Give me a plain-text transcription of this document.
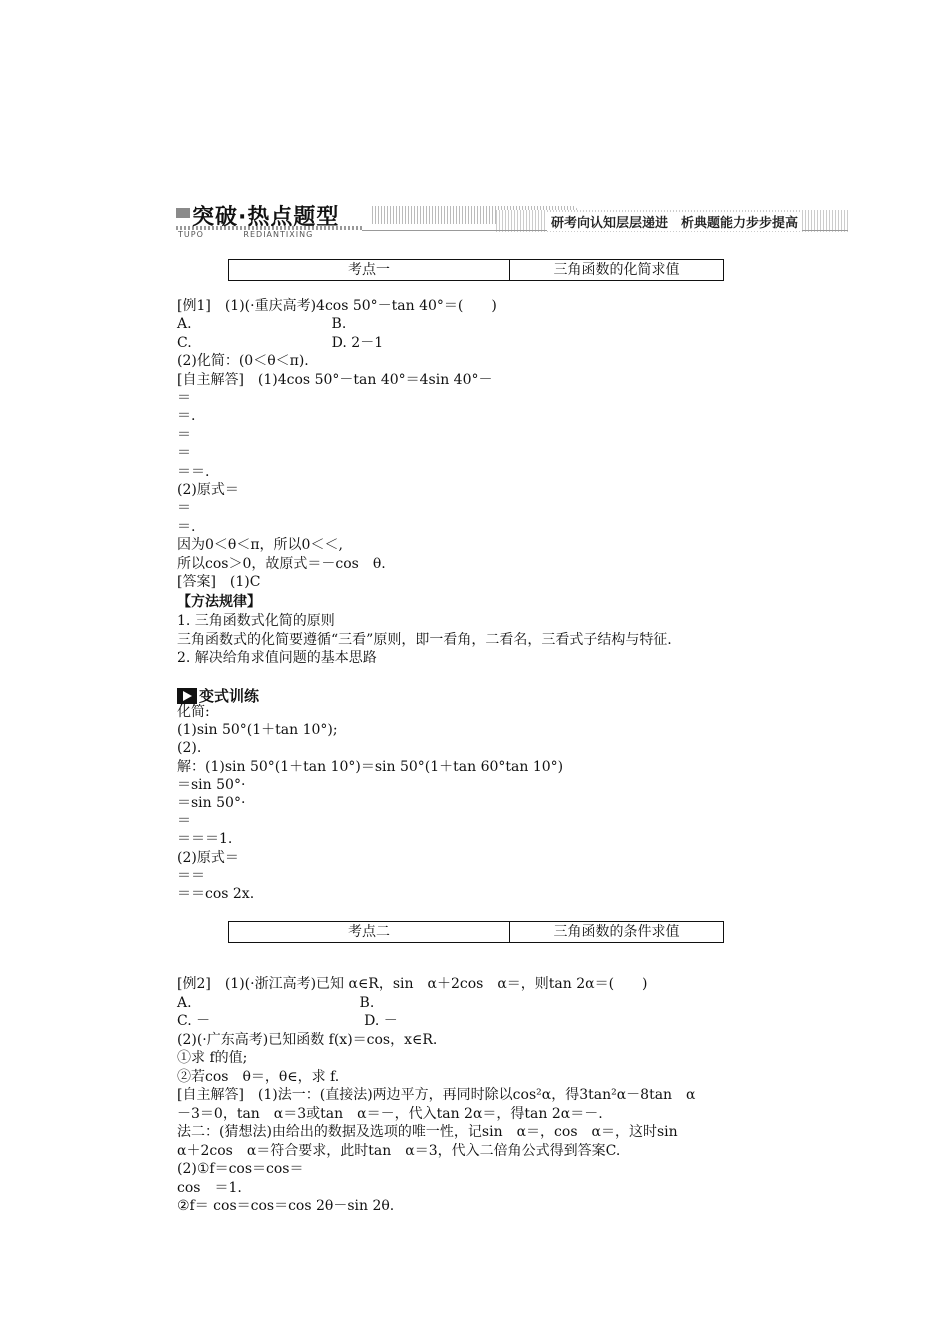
突破·热点题型
TUPO	REDIANTIXING
研考向认知层层递进　析典题能力步步提高
考点一	三角函数的化简求值
[例1]　(1)(·重庆高考)4cos 50°－tan 40°＝(　　)
A.　　　　　　　　　　B.
C.　　　　　　　　　　D. 2－1
(2)化简：(0＜θ＜π).
[自主解答]　(1)4cos 50°－tan 40°＝4sin 40°－
＝
＝.
＝
＝
＝＝.
(2)原式＝
＝
＝.
因为0＜θ＜π，所以0＜＜,
所以cos＞0，故原式＝－cos　θ.
[答案]　(1)C
【方法规律】
1. 三角函数式化简的原则
三角函数式的化简要遵循“三看”原则，即一看角，二看名，三看式子结构与特征.
2. 解决给角求值问题的基本思路
变式训练
化简:
(1)sin 50°(1＋tan 10°);
(2).
解：(1)sin 50°(1＋tan 10°)＝sin 50°(1＋tan 60°tan 10°)
＝sin 50°·
＝sin 50°·
＝
＝＝＝1.
(2)原式＝
＝＝
＝＝cos 2x.
考点二	三角函数的条件求值
[例2]　(1)(·浙江高考)已知 α∈R，sin　α＋2cos　α＝，则tan 2α＝(　　)
A.　　　　　　　　　　　　B.
C. －　　　　　　　　　　　D. －
(2)(·广东高考)已知函数 f(x)＝cos，x∈R.
①求 f的值;
②若cos　θ＝，θ∈，求 f.
[自主解答]　(1)法一：(直接法)两边平方，再同时除以cos²α，得3tan²α－8tan　α
－3＝0，tan　α＝3或tan　α＝－，代入tan 2α＝，得tan 2α＝－.
法二：(猜想法)由给出的数据及选项的唯一性，记sin　α＝，cos　α＝，这时sin
α＋2cos　α＝符合要求，此时tan　α＝3，代入二倍角公式得到答案C.
(2)①f＝cos＝cos＝
cos　＝1.
②f＝ cos＝cos＝cos 2θ－sin 2θ.
